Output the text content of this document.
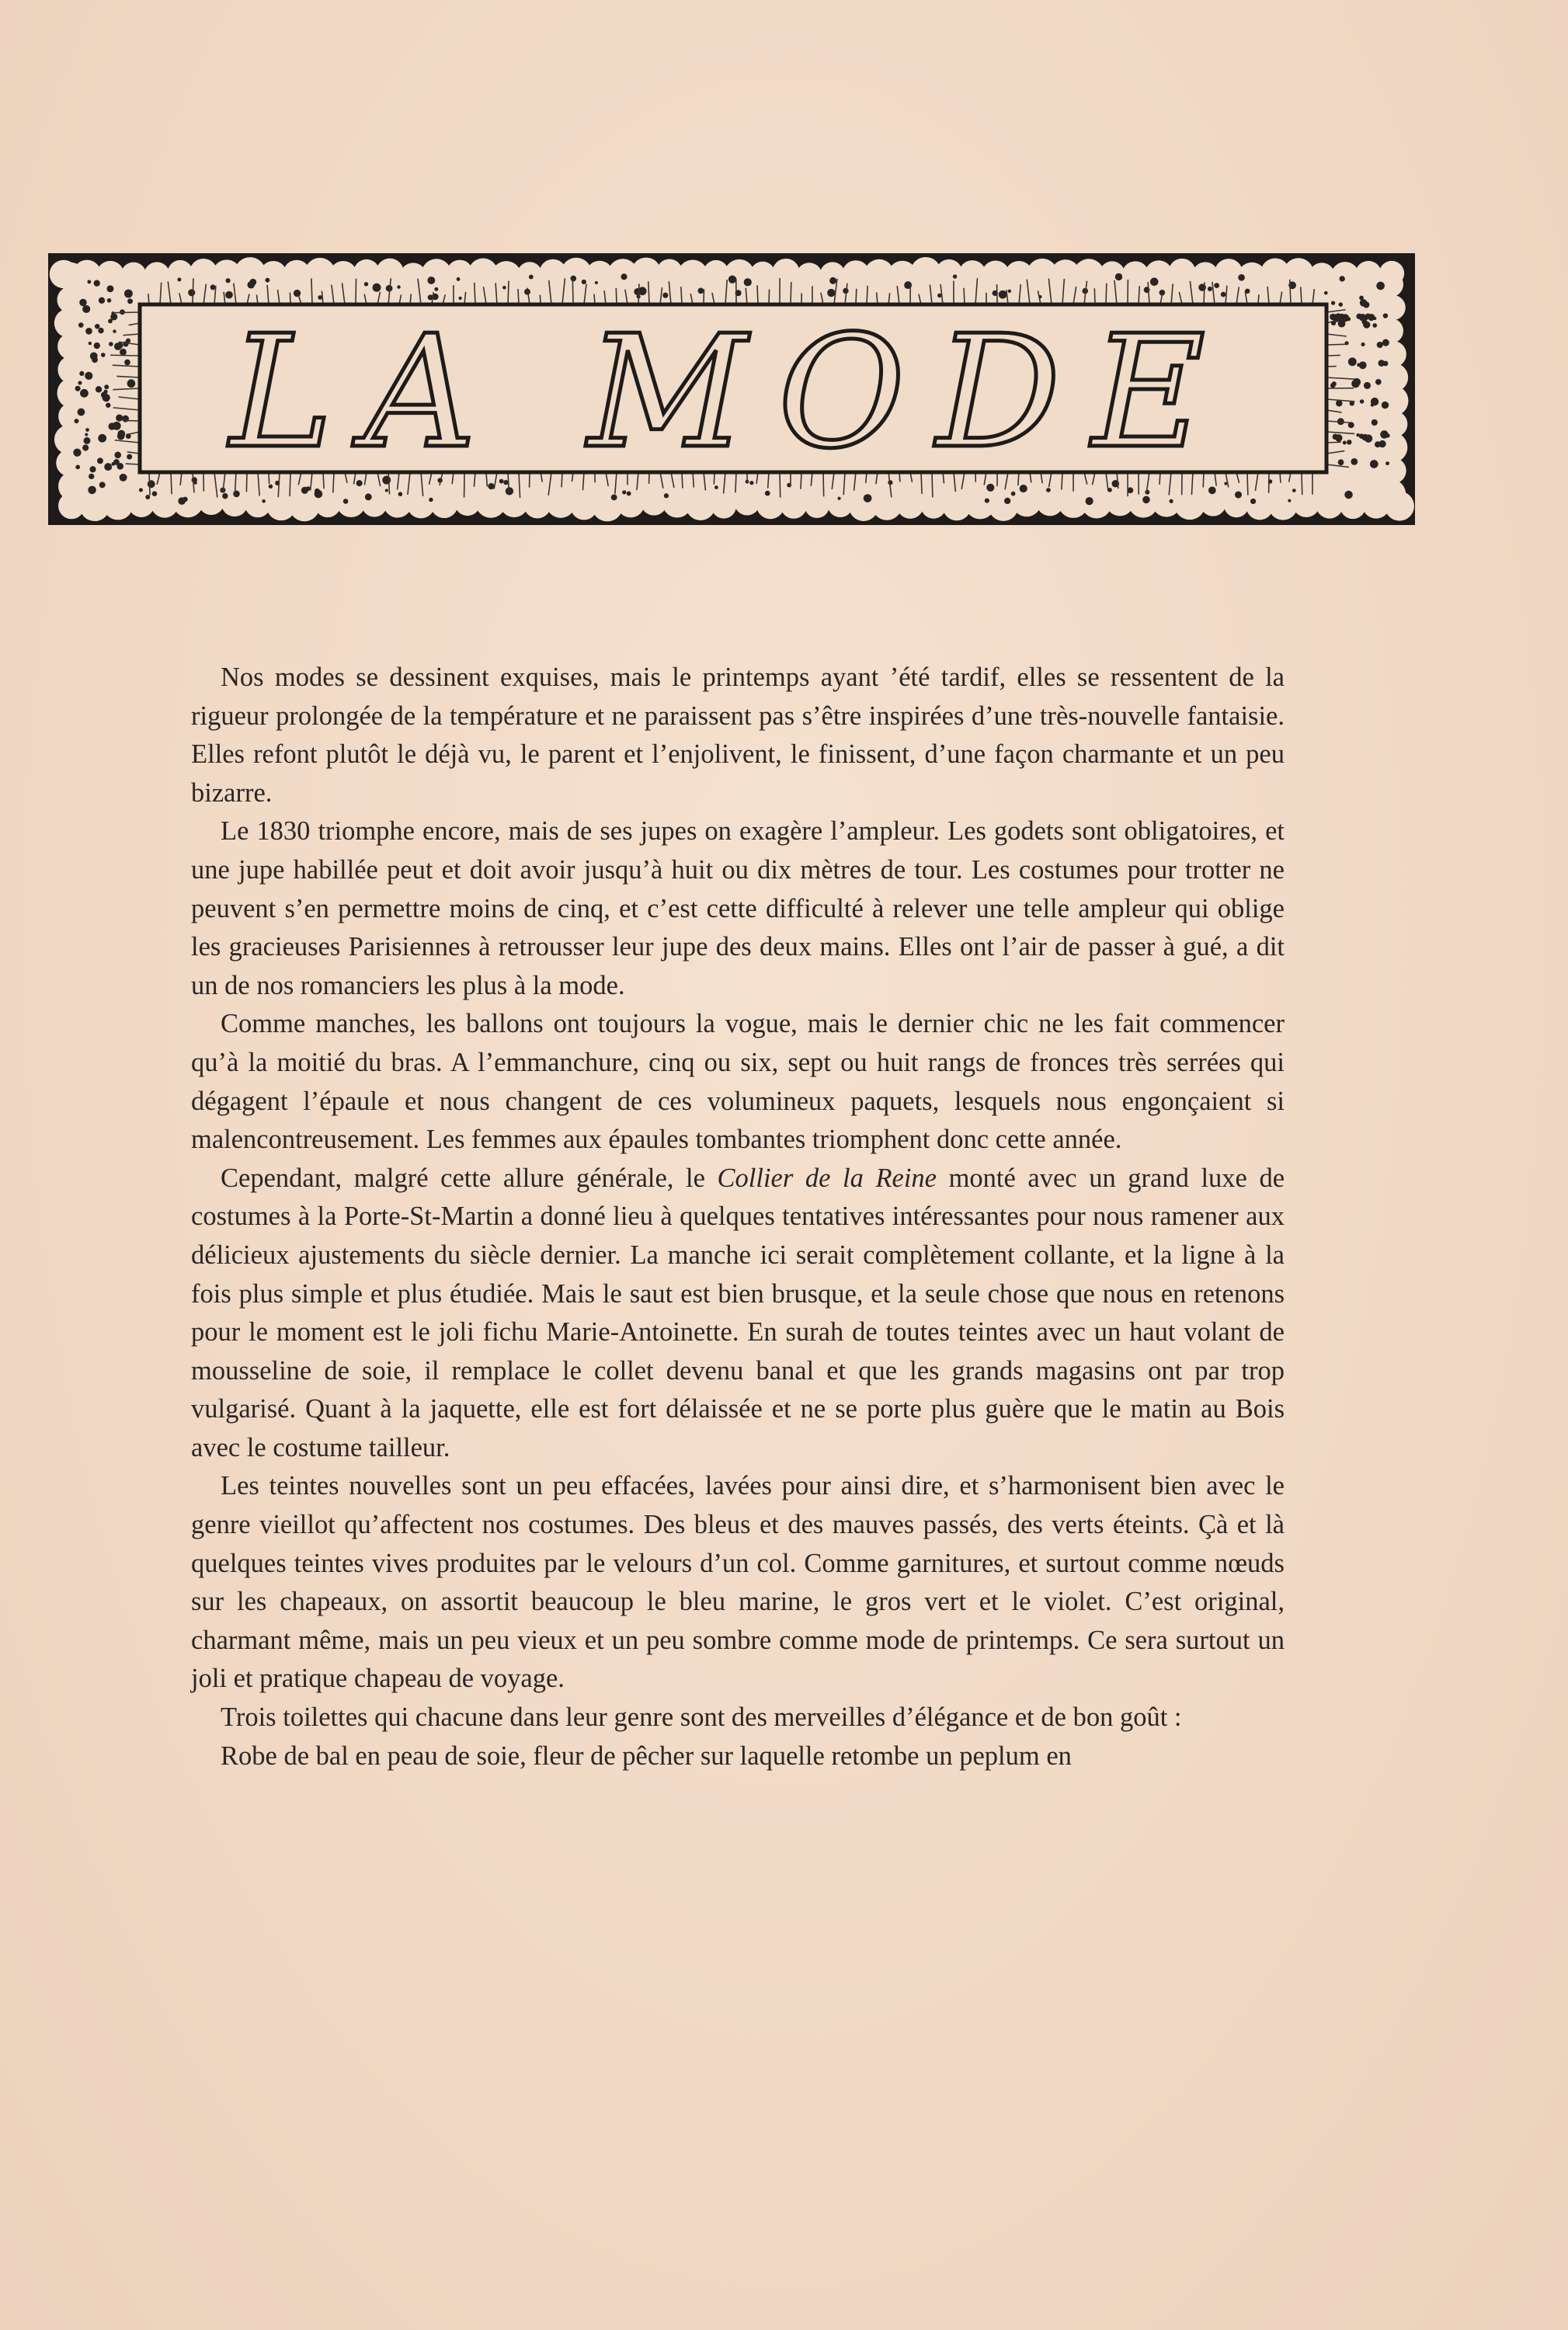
LA MODE

Nos modes se dessinent exquises, mais le printemps ayant ’été tardif, elles se ressentent de la rigueur prolongée de la température et ne paraissent pas s’être inspirées d’une très-nouvelle fantaisie. Elles refont plutôt le déjà vu, le parent et l’enjolivent, le finissent, d’une façon charmante et un peu bizarre.

Le 1830 triomphe encore, mais de ses jupes on exagère l’ampleur. Les godets sont obligatoires, et une jupe habillée peut et doit avoir jusqu’à huit ou dix mètres de tour. Les costumes pour trotter ne peuvent s’en permettre moins de cinq, et c’est cette difficulté à relever une telle ampleur qui oblige les gracieuses Parisiennes à retrousser leur jupe des deux mains. Elles ont l’air de passer à gué, a dit un de nos romanciers les plus à la mode.

Comme manches, les ballons ont toujours la vogue, mais le dernier chic ne les fait commencer qu’à la moitié du bras. A l’emmanchure, cinq ou six, sept ou huit rangs de fronces très serrées qui dégagent l’épaule et nous changent de ces volumineux paquets, lesquels nous engonçaient si malencontreusement. Les femmes aux épaules tombantes triomphent donc cette année.

Cependant, malgré cette allure générale, le Collier de la Reine monté avec un grand luxe de costumes à la Porte-St-Martin a donné lieu à quelques tentatives intéressantes pour nous ramener aux délicieux ajustements du siècle dernier. La manche ici serait complètement collante, et la ligne à la fois plus simple et plus étudiée. Mais le saut est bien brusque, et la seule chose que nous en retenons pour le moment est le joli fichu Marie-Antoinette. En surah de toutes teintes avec un haut volant de mousseline de soie, il remplace le collet devenu banal et que les grands magasins ont par trop vulgarisé. Quant à la jaquette, elle est fort délaissée et ne se porte plus guère que le matin au Bois avec le costume tailleur.

Les teintes nouvelles sont un peu effacées, lavées pour ainsi dire, et s’harmonisent bien avec le genre vieillot qu’affectent nos costumes. Des bleus et des mauves passés, des verts éteints. Çà et là quelques teintes vives produites par le velours d’un col. Comme garnitures, et surtout comme nœuds sur les chapeaux, on assortit beaucoup le bleu marine, le gros vert et le violet. C’est original, charmant même, mais un peu vieux et un peu sombre comme mode de printemps. Ce sera surtout un joli et pratique chapeau de voyage.

Trois toilettes qui chacune dans leur genre sont des merveilles d’élégance et de bon goût :

Robe de bal en peau de soie, fleur de pêcher sur laquelle retombe un peplum en
